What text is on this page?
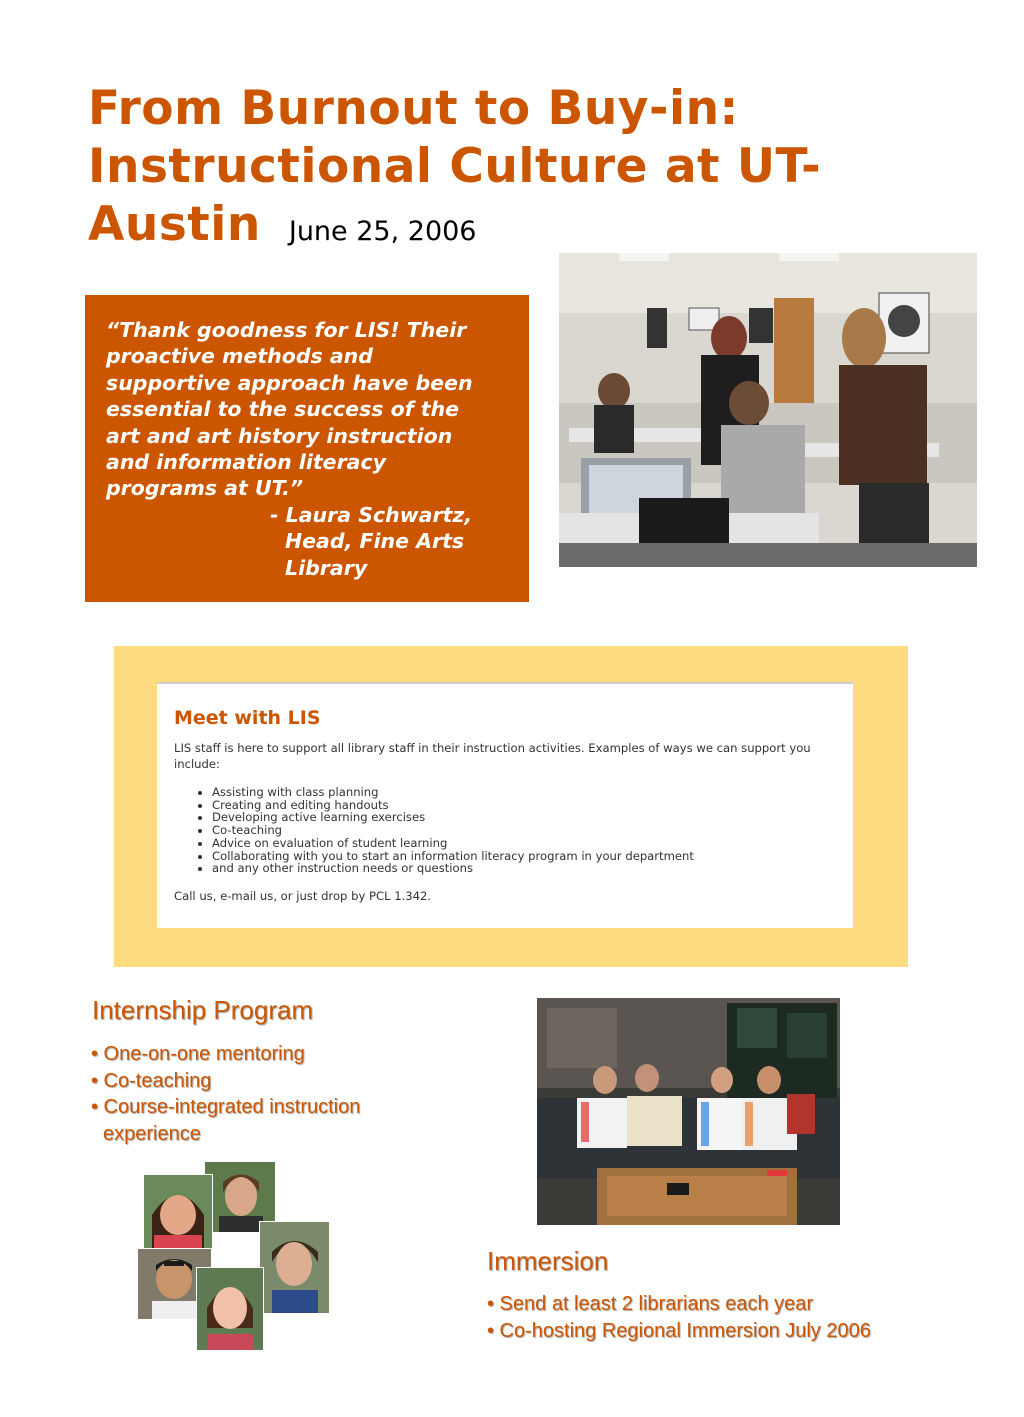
From Burnout to Buy-in:
Instructional Culture at UT-
Austin June 25, 2006
“Thank goodness for LIS! Their
proactive methods and
supportive approach have been
essential to the success of the
art and art history instruction
and information literacy
programs at UT.”
- Laura Schwartz,
Head, Fine Arts
Library
Meet with LIS

LIS staff is here to support all library staff in their instruction activities. Examples of ways we can support you include:

• Assisting with class planning
• Creating and editing handouts
• Developing active learning exercises
• Co-teaching
• Advice on evaluation of student learning
• Collaborating with you to start an information literacy program in your department
• and any other instruction needs or questions

Call us, e-mail us, or just drop by PCL 1.342.

Internship Program
• One-on-one mentoring
• Co-teaching
• Course-integrated instruction
experience
Immersion
• Send at least 2 librarians each year
• Co-hosting Regional Immersion July 2006
